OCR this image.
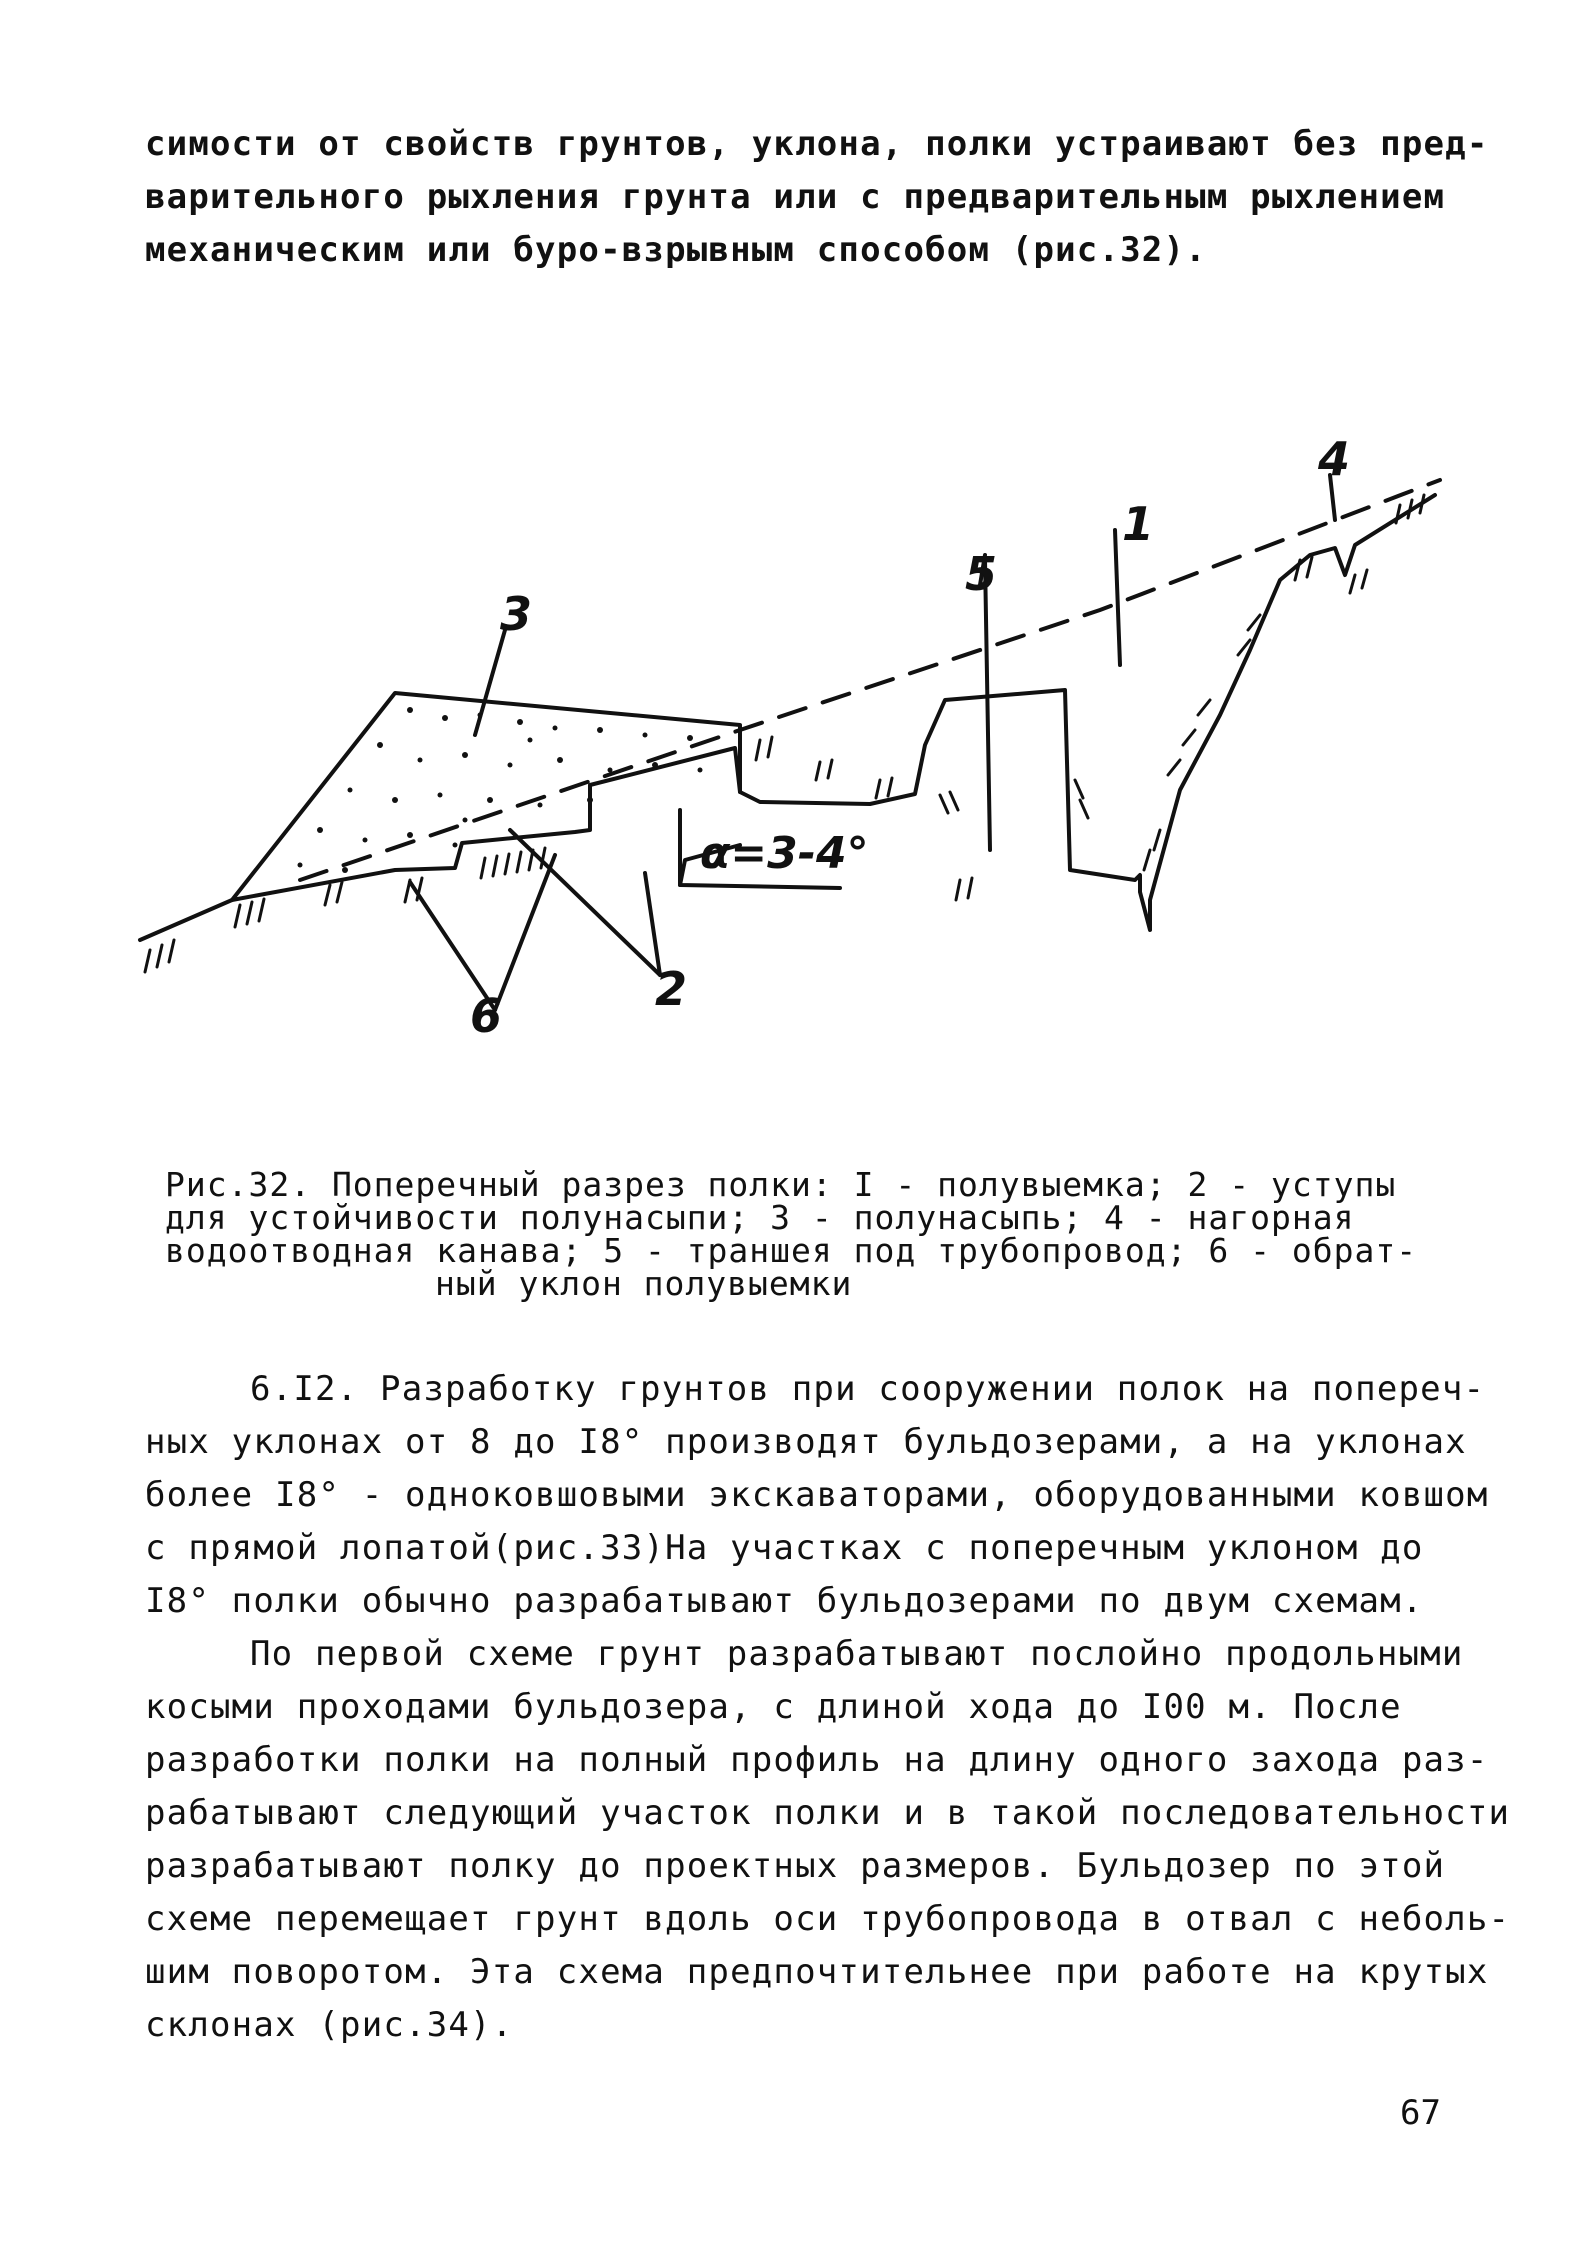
симости от свойств грунтов, уклона, полки устраивают без пред-
варительного рыхления грунта или с предварительным рыхлением
механическим или буро-взрывным способом (рис.32).
3
5
1
4
2
6
α=3-4°
Рис.32. Поперечный разрез полки: I - полувыемка; 2 - уступы
для устойчивости полунасыпи; 3 - полунасыпь; 4 - нагорная
водоотводная канава; 5 - траншея под трубопровод; 6 - обрат-
ный уклон полувыемки
6.I2. Разработку грунтов при сооружении полок на попереч-
ных уклонах от 8 до I8° производят бульдозерами, а на уклонах
более I8° - одноковшовыми экскаваторами, оборудованными ковшом
с прямой лопатой(рис.33)На участках с поперечным уклоном до
I8° полки обычно разрабатывают бульдозерами по двум схемам.
По первой схеме грунт разрабатывают послойно продольными
косыми проходами бульдозера, с длиной хода до I00 м. После
разработки полки на полный профиль на длину одного захода раз-
рабатывают следующий участок полки и в такой последовательности
разрабатывают полку до проектных размеров. Бульдозер по этой
схеме перемещает грунт вдоль оси трубопровода в отвал с неболь-
шим поворотом. Эта схема предпочтительнее при работе на крутых
склонах (рис.34).
67
